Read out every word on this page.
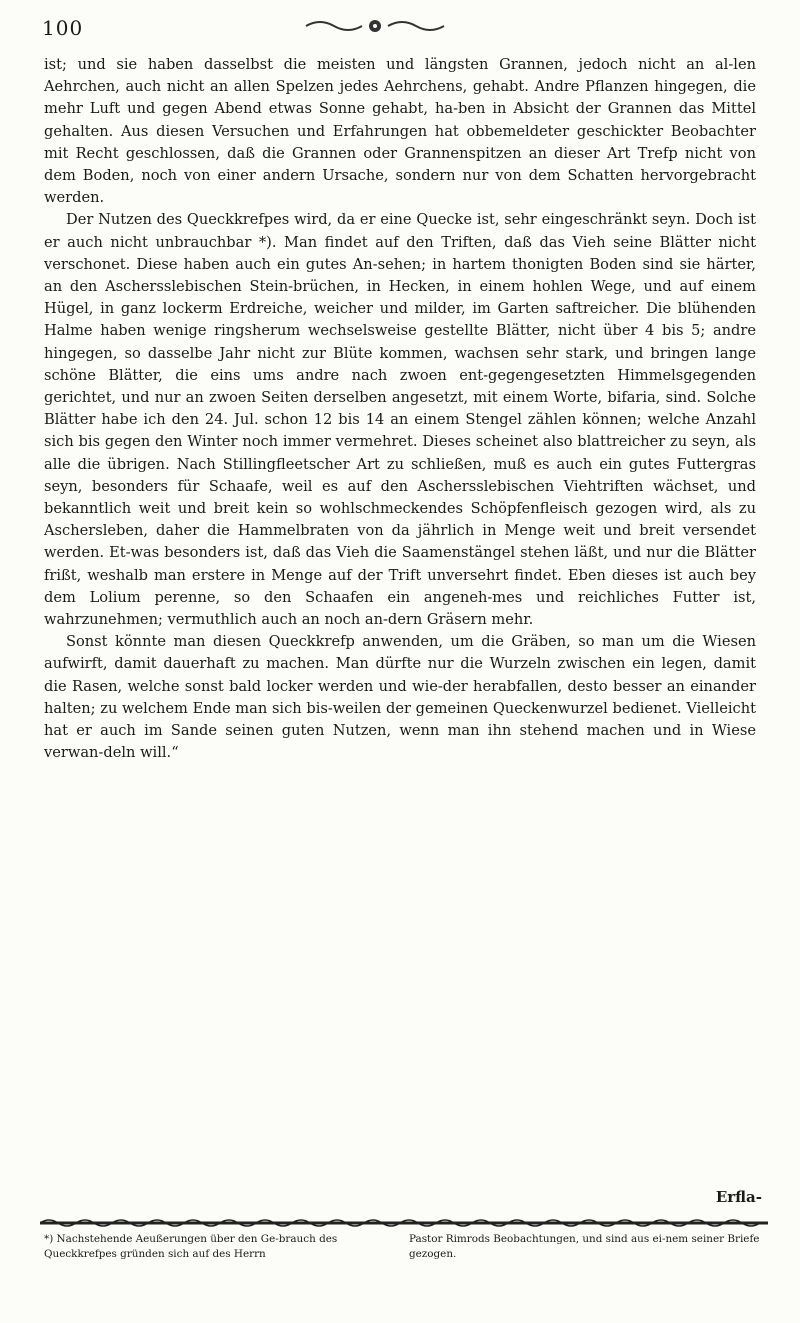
100

ist; und sie haben dasselbst die meisten und längsten Grannen, jedoch nicht an al-len Aehrchen, auch nicht an allen Spelzen jedes Aehrchens, gehabt. Andre Pflanzen hingegen, die mehr Luft und gegen Abend etwas Sonne gehabt, ha-ben in Absicht der Grannen das Mittel gehalten. Aus diesen Versuchen und Erfahrungen hat obbemeldeter geschickter Beobachter mit Recht geschlossen, daß die Grannen oder Grannenspitzen an dieser Art Trefp nicht von dem Boden, noch von einer andern Ursache, sondern nur von dem Schatten hervorgebracht werden.

Der Nutzen des Queckkrefpes wird, da er eine Quecke ist, sehr eingeschränkt seyn. Doch ist er auch nicht unbrauchbar *). Man findet auf den Triften, daß das Vieh seine Blätter nicht verschonet. Diese haben auch ein gutes An-sehen; in hartem thonigten Boden sind sie härter, an den Aschersslebischen Stein-brüchen, in Hecken, in einem hohlen Wege, und auf einem Hügel, in ganz lockerm Erdreiche, weicher und milder, im Garten saftreicher. Die blühenden Halme haben wenige ringsherum wechselsweise gestellte Blätter, nicht über 4 bis 5; andre hingegen, so dasselbe Jahr nicht zur Blüte kommen, wachsen sehr stark, und bringen lange schöne Blätter, die eins ums andre nach zwoen ent-gegengesetzten Himmelsgegenden gerichtet, und nur an zwoen Seiten derselben angesetzt, mit einem Worte, bifaria, sind. Solche Blätter habe ich den 24. Jul. schon 12 bis 14 an einem Stengel zählen können; welche Anzahl sich bis gegen den Winter noch immer vermehret. Dieses scheinet also blattreicher zu seyn, als alle die übrigen. Nach Stillingfleetscher Art zu schließen, muß es auch ein gutes Futtergras seyn, besonders für Schaafe, weil es auf den Aschersslebischen Viehtriften wächset, und bekanntlich weit und breit kein so wohlschmeckendes Schöpfenfleisch gezogen wird, als zu Aschersleben, daher die Hammelbraten von da jährlich in Menge weit und breit versendet werden. Et-was besonders ist, daß das Vieh die Saamenstängel stehen läßt, und nur die Blätter frißt, weshalb man erstere in Menge auf der Trift unversehrt findet. Eben dieses ist auch bey dem Lolium perenne, so den Schaafen ein angeneh-mes und reichliches Futter ist, wahrzunehmen; vermuthlich auch an noch an-dern Gräsern mehr.

Sonst könnte man diesen Queckkrefp anwenden, um die Gräben, so man um die Wiesen aufwirft, damit dauerhaft zu machen. Man dürfte nur die Wurzeln zwischen ein legen, damit die Rasen, welche sonst bald locker werden und wie-der herabfallen, desto besser an einander halten; zu welchem Ende man sich bis-weilen der gemeinen Queckenwurzel bedienet. Vielleicht hat er auch im Sande seinen guten Nutzen, wenn man ihn stehend machen und in Wiese verwan-deln will.“

Erfla-
*) Nachstehende Aeußerungen über den Ge-brauch des Queckkrefpes gründen sich auf des Herrn
Pastor Rimrods Beobachtungen, und sind aus ei-nem seiner Briefe gezogen.
